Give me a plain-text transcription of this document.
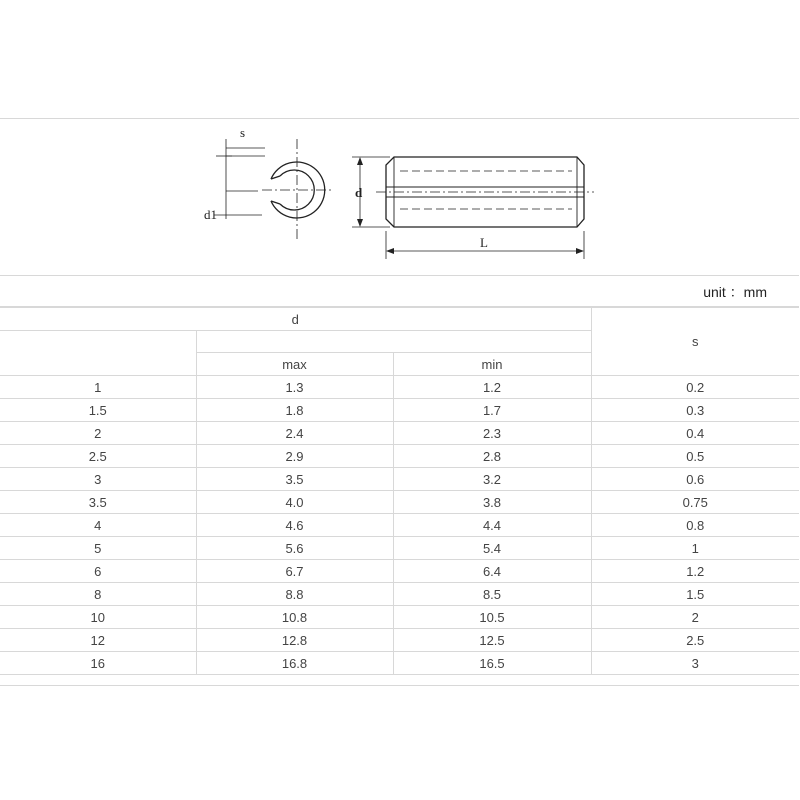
s
d1
d
L
unit ：mm
d			s

	max	min	
1	1.3	1.2	0.2
1.5	1.8	1.7	0.3
2	2.4	2.3	0.4
2.5	2.9	2.8	0.5
3	3.5	3.2	0.6
3.5	4.0	3.8	0.75
4	4.6	4.4	0.8
5	5.6	5.4	1
6	6.7	6.4	1.2
8	8.8	8.5	1.5
10	10.8	10.5	2
12	12.8	12.5	2.5
16	16.8	16.5	3
